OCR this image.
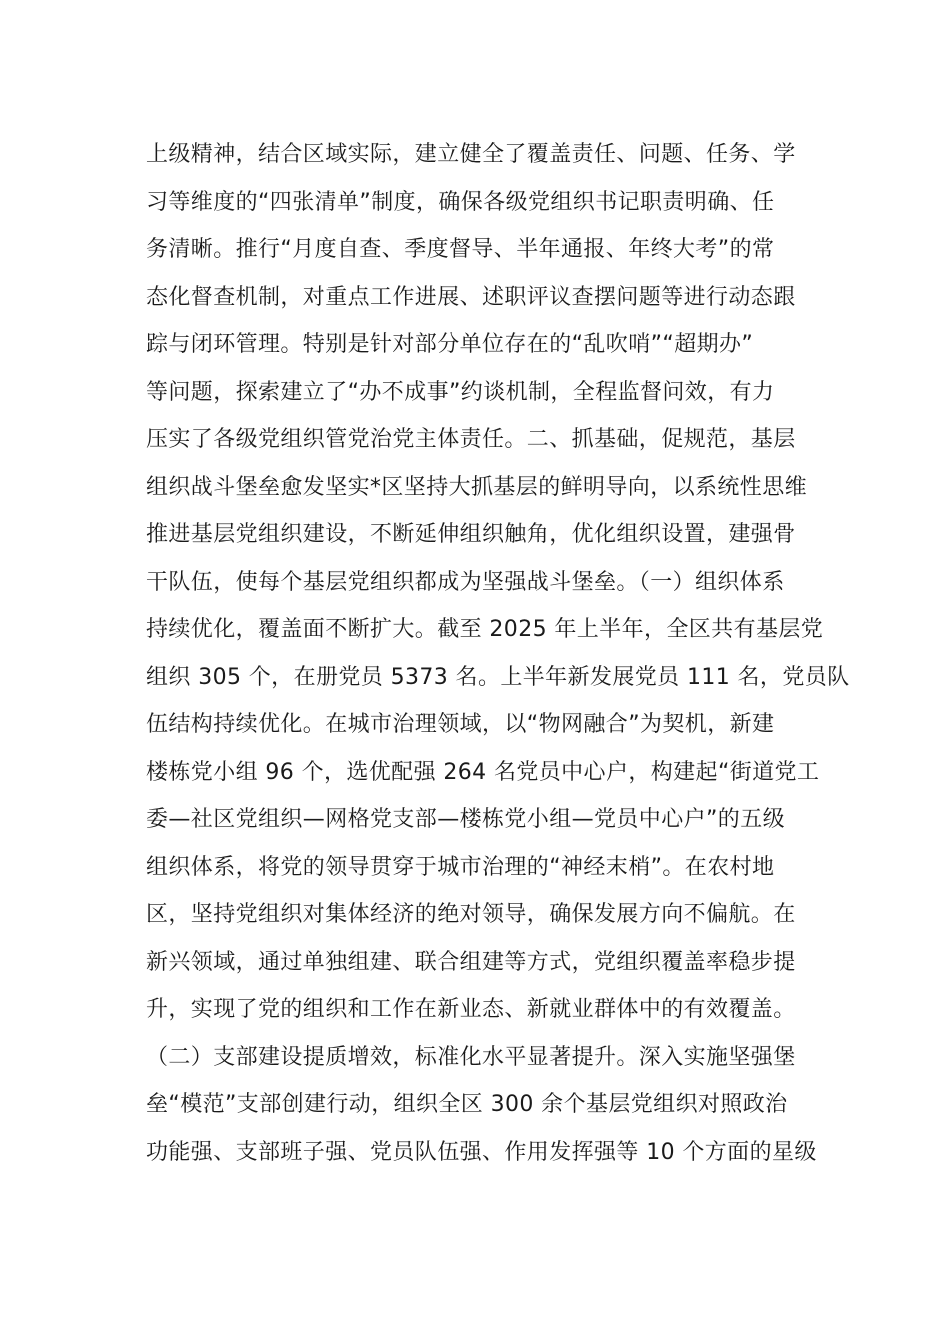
上级精神，结合区域实际，建立健全了覆盖责任、问题、任务、学
习等维度的“四张清单”制度，确保各级党组织书记职责明确、任
务清晰。推行“月度自查、季度督导、半年通报、年终大考”的常
态化督查机制，对重点工作进展、述职评议查摆问题等进行动态跟
踪与闭环管理。特别是针对部分单位存在的“乱吹哨”“超期办”
等问题，探索建立了“办不成事”约谈机制，全程监督问效，有力
压实了各级党组织管党治党主体责任。二、抓基础，促规范，基层
组织战斗堡垒愈发坚实*区坚持大抓基层的鲜明导向，以系统性思维
推进基层党组织建设，不断延伸组织触角，优化组织设置，建强骨
干队伍，使每个基层党组织都成为坚强战斗堡垒。（一）组织体系
持续优化，覆盖面不断扩大。截至 2025 年上半年，全区共有基层党
组织 305 个，在册党员 5373 名。上半年新发展党员 111 名，党员队
伍结构持续优化。在城市治理领域，以“物网融合”为契机，新建
楼栋党小组 96 个，选优配强 264 名党员中心户，构建起“街道党工
委—社区党组织—网格党支部—楼栋党小组—党员中心户”的五级
组织体系，将党的领导贯穿于城市治理的“神经末梢”。在农村地
区，坚持党组织对集体经济的绝对领导，确保发展方向不偏航。在
新兴领域，通过单独组建、联合组建等方式，党组织覆盖率稳步提
升，实现了党的组织和工作在新业态、新就业群体中的有效覆盖。
（二）支部建设提质增效，标准化水平显著提升。深入实施坚强堡
垒“模范”支部创建行动，组织全区 300 余个基层党组织对照政治
功能强、支部班子强、党员队伍强、作用发挥强等 10 个方面的星级
